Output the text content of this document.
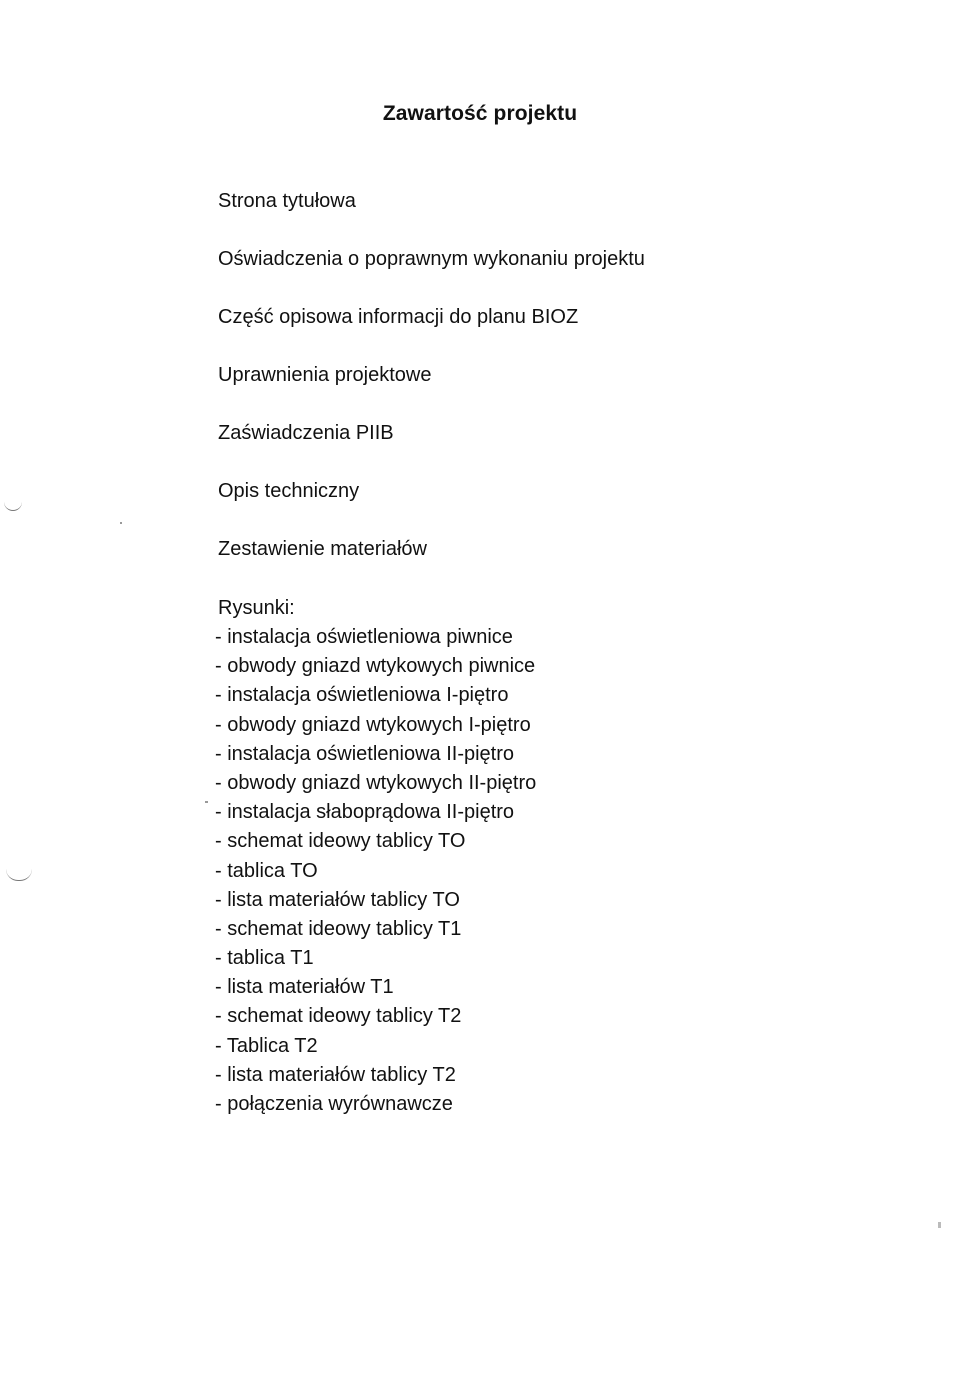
Zawartość projektu
Strona tytułowa
Oświadczenia o poprawnym wykonaniu projektu
Część opisowa informacji do planu BIOZ
Uprawnienia projektowe
Zaświadczenia PIIB
Opis techniczny
Zestawienie materiałów
Rysunki:
- instalacja oświetleniowa piwnice
- obwody gniazd wtykowych piwnice
- instalacja oświetleniowa I-piętro
- obwody gniazd wtykowych I-piętro
- instalacja oświetleniowa II-piętro
- obwody gniazd wtykowych II-piętro
- instalacja słaboprądowa II-piętro
- schemat ideowy tablicy TO
- tablica TO
- lista materiałów tablicy TO
- schemat ideowy tablicy T1
- tablica T1
- lista materiałów T1
- schemat ideowy tablicy T2
- Tablica T2
- lista materiałów tablicy T2
- połączenia wyrównawcze
